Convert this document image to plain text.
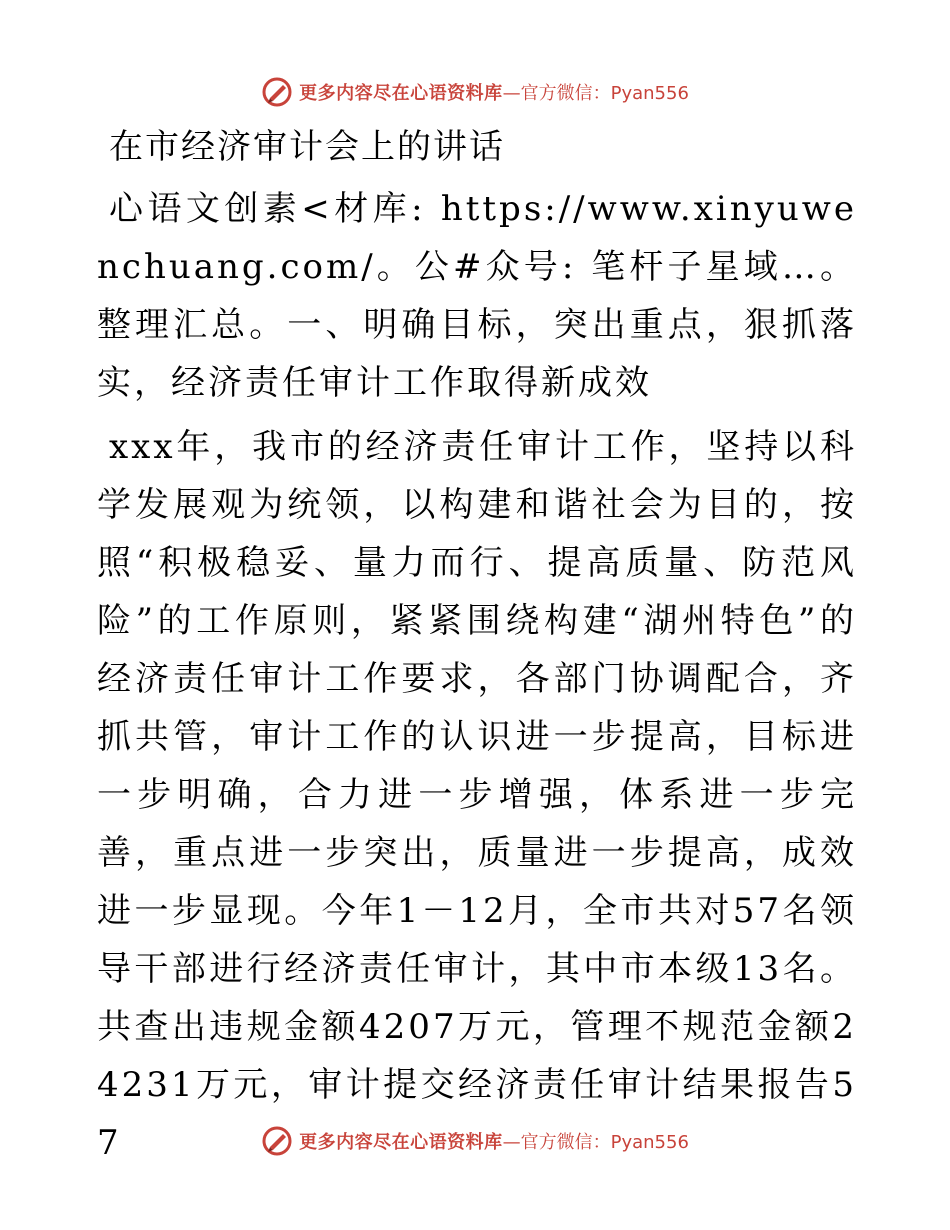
更多内容尽在心语资料库 —官方微信：Pyan556
在市经济审计会上的讲话

心语文创素<材库: https://www.xinyuwenchuang.com/。公#众号: 笔杆子星域…。整理汇总。一、明确目标，突出重点，狠抓落实，经济责任审计工作取得新成效

xxx年，我市的经济责任审计工作，坚持以科学发展观为统领，以构建和谐社会为目的，按照“积极稳妥、量力而行、提高质量、防范风险”的工作原则，紧紧围绕构建“湖州特色”的经济责任审计工作要求，各部门协调配合，齐抓共管，审计工作的认识进一步提高，目标进一步明确，合力进一步增强，体系进一步完善，重点进一步突出，质量进一步提高，成效进一步显现。今年1－12月，全市共对57名领导干部进行经济责任审计，其中市本级13名。共查出违规金额4207万元，管理不规范金额24231万元，审计提交经济责任审计结果报告57	更多内容尽在心语资料库 —官方微信：Pyan556
